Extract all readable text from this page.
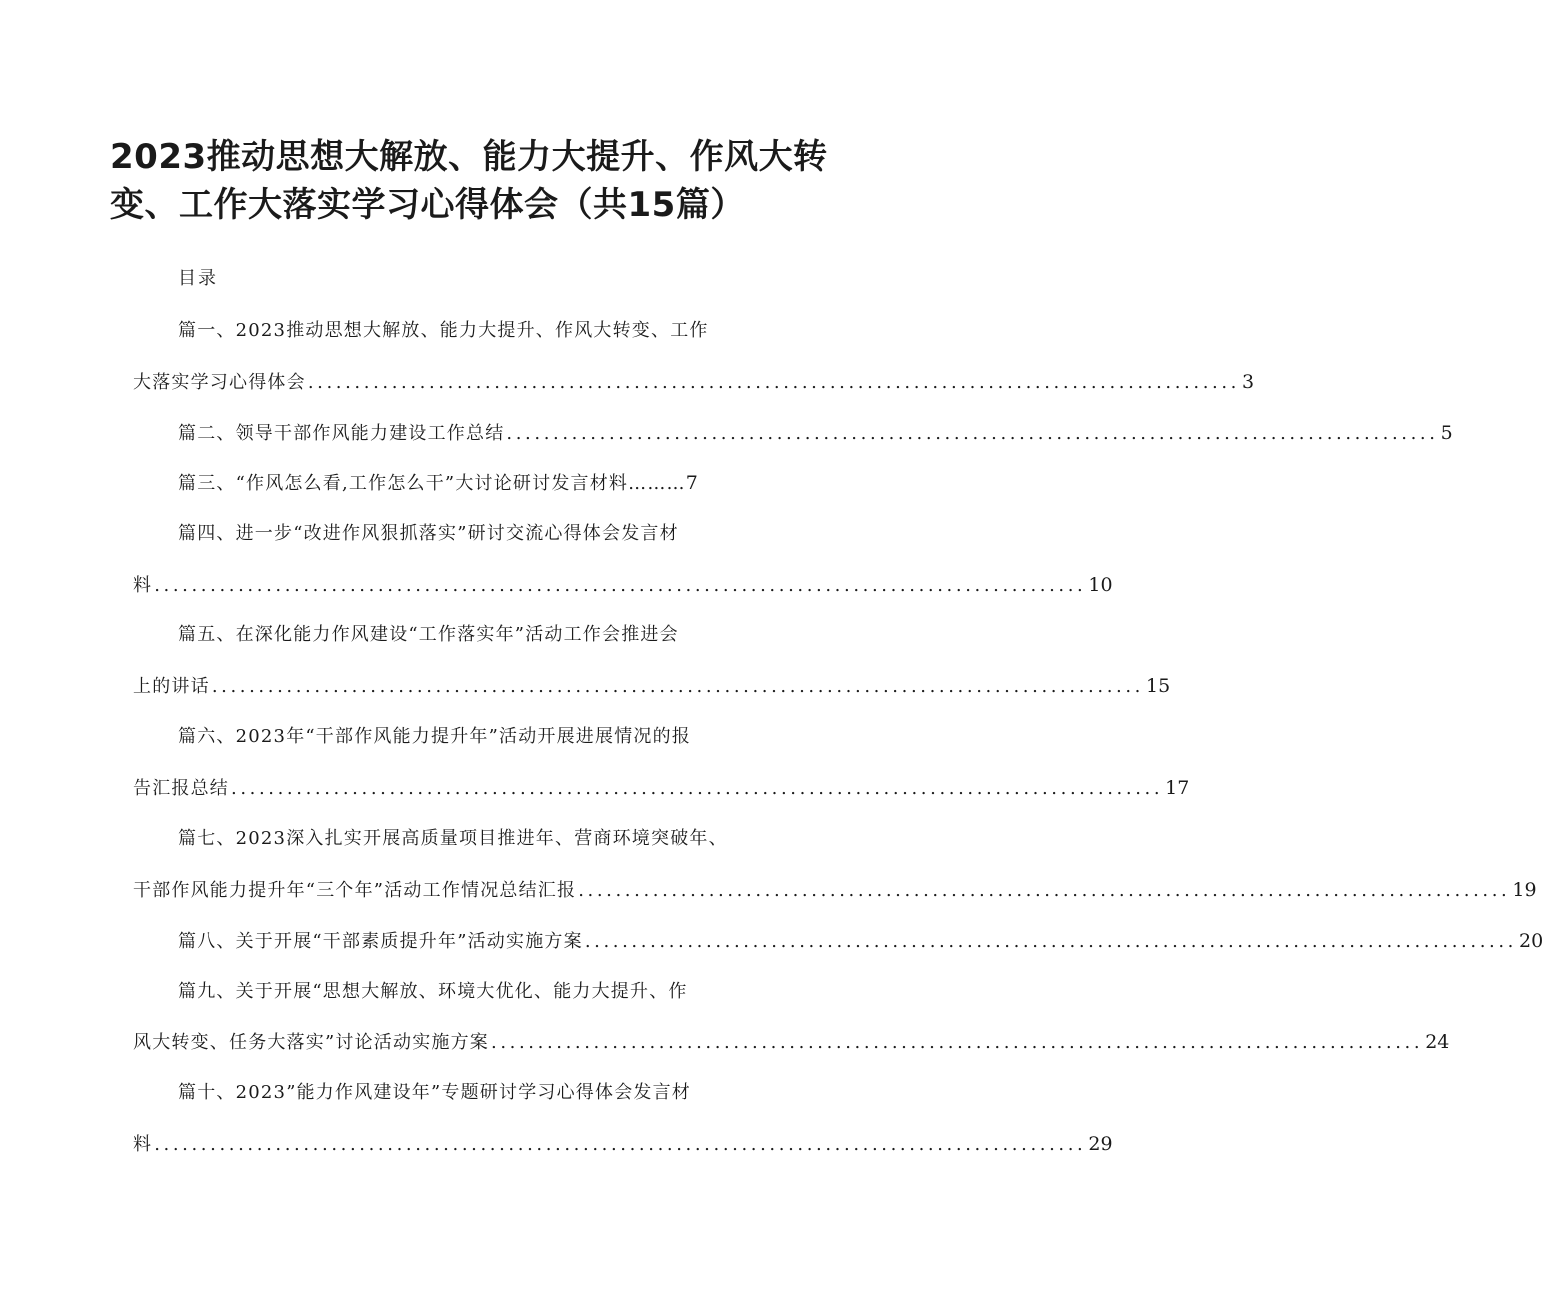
2023推动思想大解放、能力大提升、作风大转
变、工作大落实学习心得体会（共15篇）
目录
篇一、2023推动思想大解放、能力大提升、作风大转变、工作
大落实学习心得体会 .................................................................................................... 3
篇二、领导干部作风能力建设工作总结 .................................................................................................... 5
篇三、“作风怎么看,工作怎么干”大讨论研讨发言材料………7
篇四、进一步“改进作风狠抓落实”研讨交流心得体会发言材
料 .................................................................................................... 10
篇五、在深化能力作风建设“工作落实年”活动工作会推进会
上的讲话 .................................................................................................... 15
篇六、2023年“干部作风能力提升年”活动开展进展情况的报
告汇报总结 .................................................................................................... 17
篇七、2023深入扎实开展高质量项目推进年、营商环境突破年、
干部作风能力提升年“三个年”活动工作情况总结汇报 .................................................................................................... 19
篇八、关于开展“干部素质提升年”活动实施方案 .................................................................................................... 20
篇九、关于开展“思想大解放、环境大优化、能力大提升、作
风大转变、任务大落实”讨论活动实施方案 .................................................................................................... 24
篇十、2023”能力作风建设年”专题研讨学习心得体会发言材
料 .................................................................................................... 29
